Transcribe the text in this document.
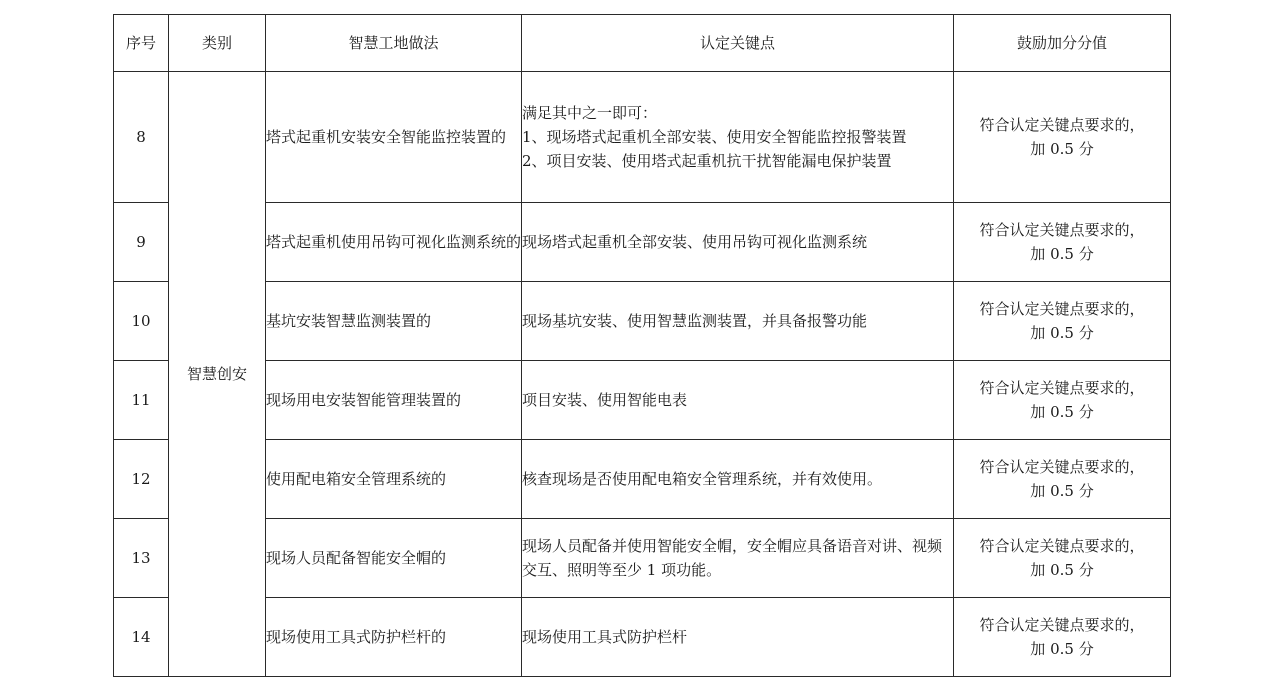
序号	类别	智慧工地做法	认定关键点	鼓励加分分值
8	智慧创安	塔式起重机安装安全智能监控装置的	满足其中之一即可：
1、现场塔式起重机全部安装、使用安全智能监控报警装置
2、项目安装、使用塔式起重机抗干扰智能漏电保护装置	符合认定关键点要求的，
加 0.5 分

9		塔式起重机使用吊钩可视化监测系统的	现场塔式起重机全部安装、使用吊钩可视化监测系统	符合认定关键点要求的，
加 0.5 分

10		基坑安装智慧监测装置的	现场基坑安装、使用智慧监测装置，并具备报警功能	符合认定关键点要求的，
加 0.5 分

11		现场用电安装智能管理装置的	项目安装、使用智能电表	符合认定关键点要求的，
加 0.5 分

12		使用配电箱安全管理系统的	核查现场是否使用配电箱安全管理系统，并有效使用。	符合认定关键点要求的，
加 0.5 分

13		现场人员配备智能安全帽的	现场人员配备并使用智能安全帽，安全帽应具备语音对讲、视频交互、照明等至少 1 项功能。	符合认定关键点要求的，
加 0.5 分

14		现场使用工具式防护栏杆的	现场使用工具式防护栏杆	符合认定关键点要求的，
加 0.5 分
